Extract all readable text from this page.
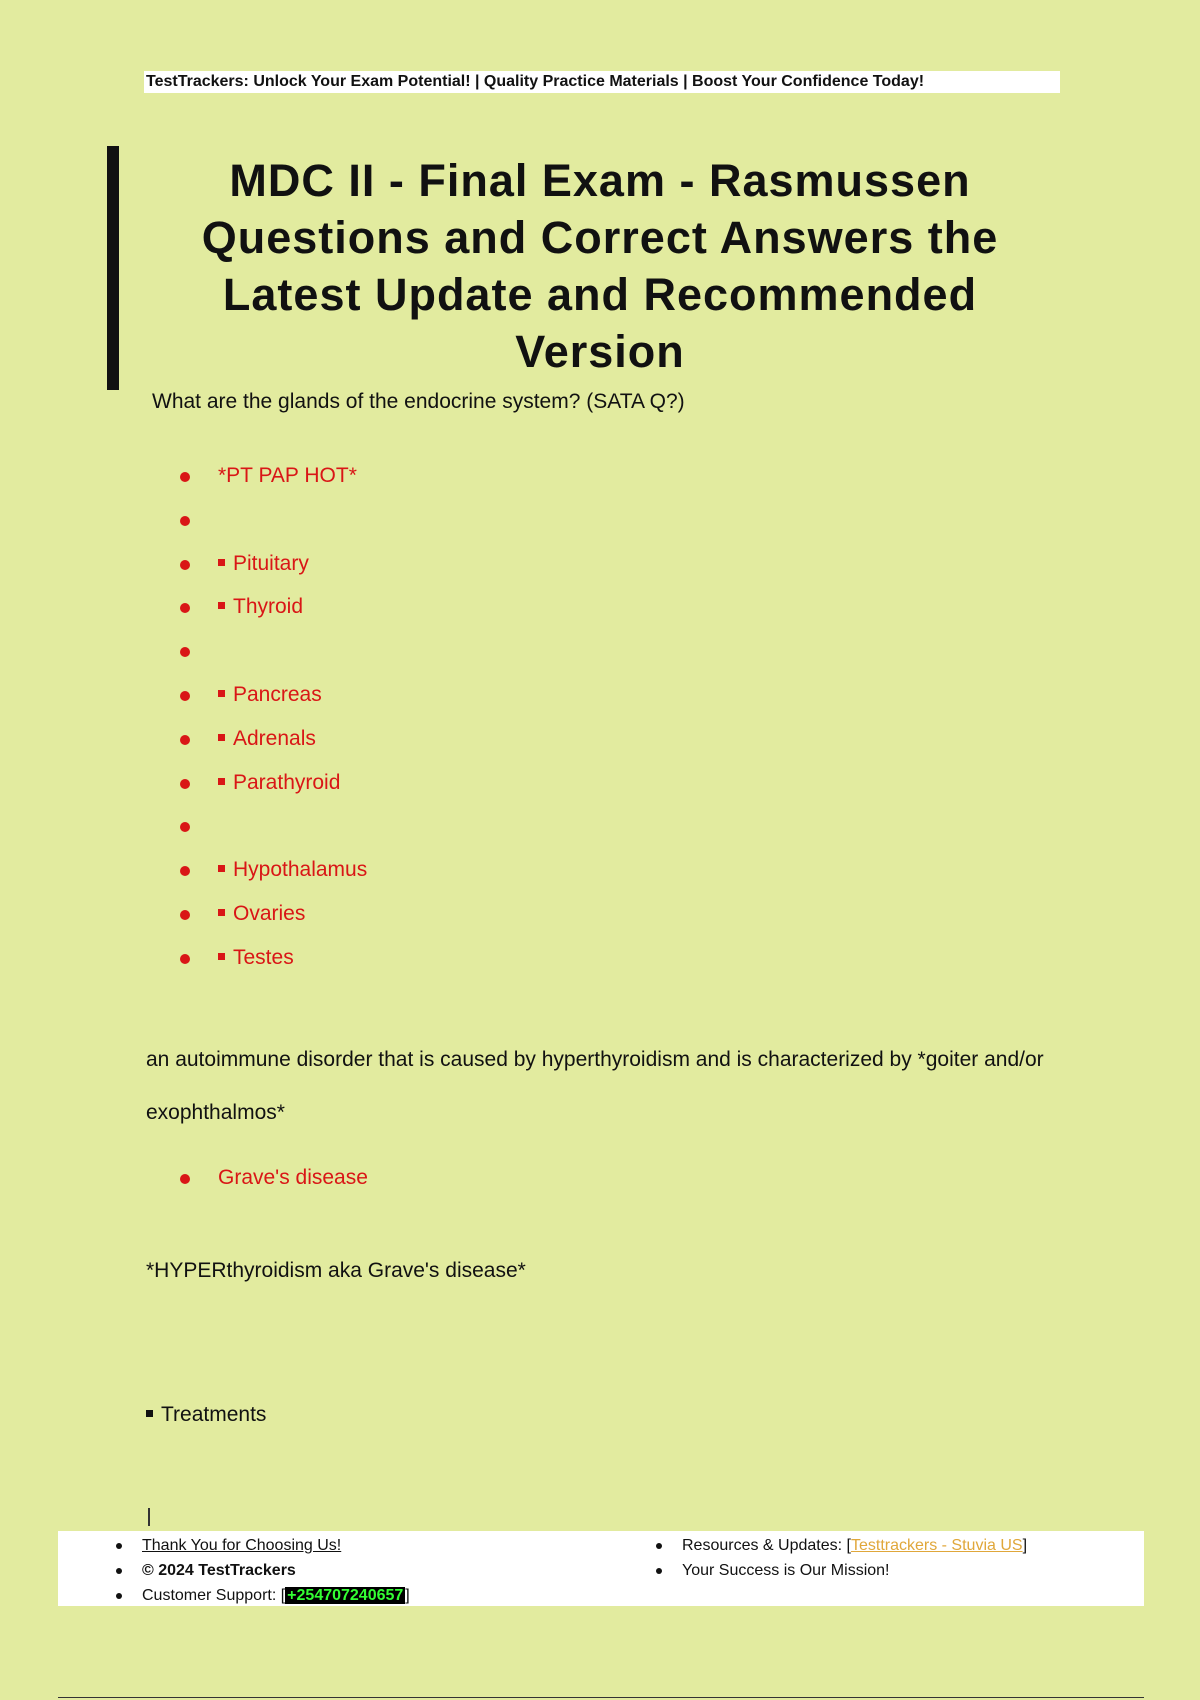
TestTrackers: Unlock Your Exam Potential! | Quality Practice Materials | Boost Your Confidence Today!
MDC II - Final Exam - Rasmussen Questions and Correct Answers the Latest Update and Recommended Version
What are the glands of the endocrine system? (SATA Q?)
*PT PAP HOT*
Pituitary
Thyroid
Pancreas
Adrenals
Parathyroid
Hypothalamus
Ovaries
Testes
an autoimmune disorder that is caused by hyperthyroidism and is characterized by *goiter and/or exophthalmos*
Grave's disease
*HYPERthyroidism aka Grave's disease*
Treatments
Thank You for Choosing Us!
© 2024 TestTrackers
Customer Support: [ +254707240657 ]
Resources & Updates: [Testtrackers - Stuvia US]
Your Success is Our Mission!
